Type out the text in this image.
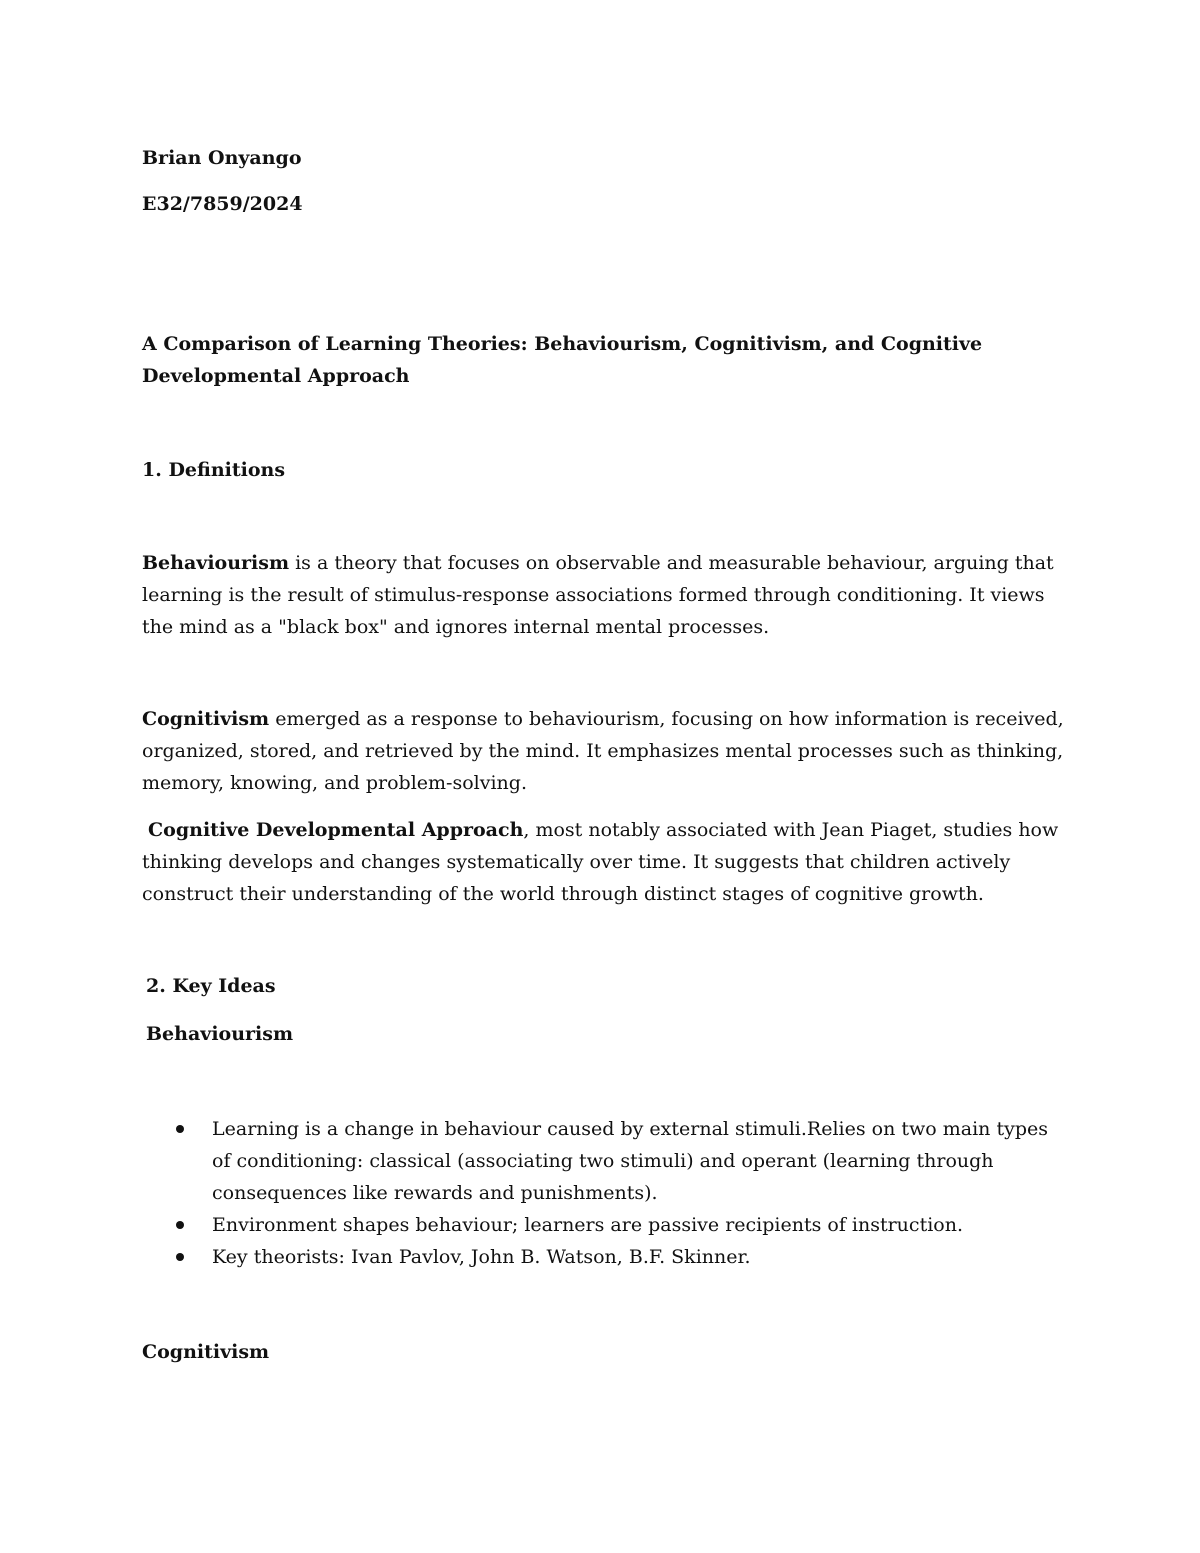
Brian Onyango

E32/7859/2024

A Comparison of Learning Theories: Behaviourism, Cognitivism, and Cognitive Developmental Approach

1. Definitions

Behaviourism is a theory that focuses on observable and measurable behaviour, arguing that learning is the result of stimulus-response associations formed through conditioning. It views the mind as a "black box" and ignores internal mental processes.

Cognitivism emerged as a response to behaviourism, focusing on how information is received, organized, stored, and retrieved by the mind. It emphasizes mental processes such as thinking, memory, knowing, and problem-solving.

Cognitive Developmental Approach, most notably associated with Jean Piaget, studies how thinking develops and changes systematically over time. It suggests that children actively construct their understanding of the world through distinct stages of cognitive growth.

2. Key Ideas

Behaviourism

Learning is a change in behaviour caused by external stimuli.Relies on two main types of conditioning: classical (associating two stimuli) and operant (learning through consequences like rewards and punishments).
Environment shapes behaviour; learners are passive recipients of instruction.
Key theorists: Ivan Pavlov, John B. Watson, B.F. Skinner.

Cognitivism
